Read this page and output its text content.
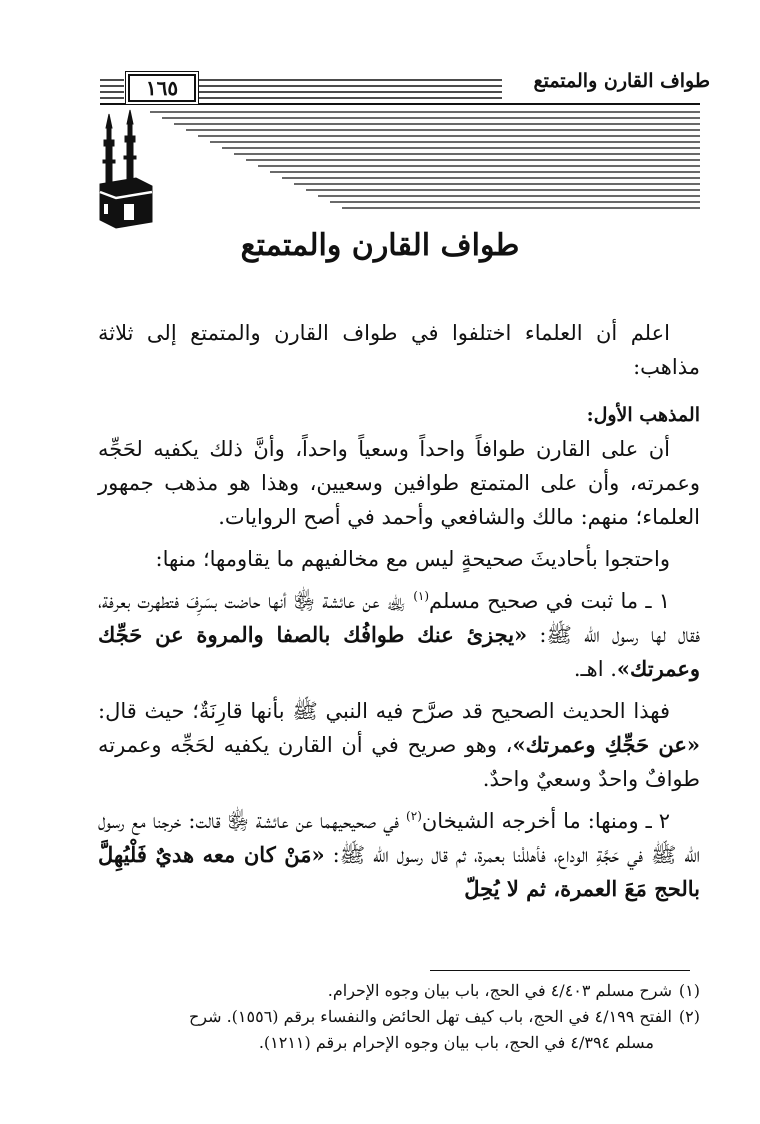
طواف القارن والمتمتع
١٦٥
طواف القارن والمتمتع

اعلم أن العلماء اختلفوا في طواف القارن والمتمتع إلى ثلاثة مذاهب:

المذهب الأول:

أن على القارن طوافاً واحداً وسعياً واحداً، وأنَّ ذلك يكفيه لحَجِّه وعمرته، وأن على المتمتع طوافين وسعيين، وهذا هو مذهب جمهور العلماء؛ منهم: مالك والشافعي وأحمد في أصح الروايات.

واحتجوا بأحاديثَ صحيحةٍ ليس مع مخالفيهم ما يقاومها؛ منها:

١ ـ ما ثبت في صحيح مسلم$^{(١)}$ ﵀ عن عائشة ﵂ أنها حاضت بسَرِفَ فتطهرت بعرفة، فقال لها رسول الله ﷺ: «يجزئ عنك طوافُك بالصفا والمروة عن حَجِّك وعمرتك». اهـ.

فهذا الحديث الصحيح قد صرَّح فيه النبي ﷺ بأنها قارِنَةٌ؛ حيث قال: «عن حَجِّكِ وعمرتك»، وهو صريح في أن القارن يكفيه لحَجِّه وعمرته طوافٌ واحدٌ وسعيٌ واحدٌ.

٢ ـ ومنها: ما أخرجه الشيخان$^{(٢)}$ في صحيحيهما عن عائشة ﵂ قالت: خرجنا مع رسول الله ﷺ في حَجَّةِ الوداع، فأهللْنا بعمرة، ثم قال رسول الله ﷺ: «مَنْ كان معه هديٌ فَلْيُهِلَّ بالحج مَعَ العمرة، ثم لا يُحِلّ

(١)شرح مسلم ٤/٤٠٣ في الحج، باب بيان وجوه الإحرام.

(٢)الفتح ٤/١٩٩ في الحج، باب كيف تهل الحائض والنفساء برقم (١٥٥٦). شرح

مسلم ٤/٣٩٤ في الحج، باب بيان وجوه الإحرام برقم (١٢١١).
